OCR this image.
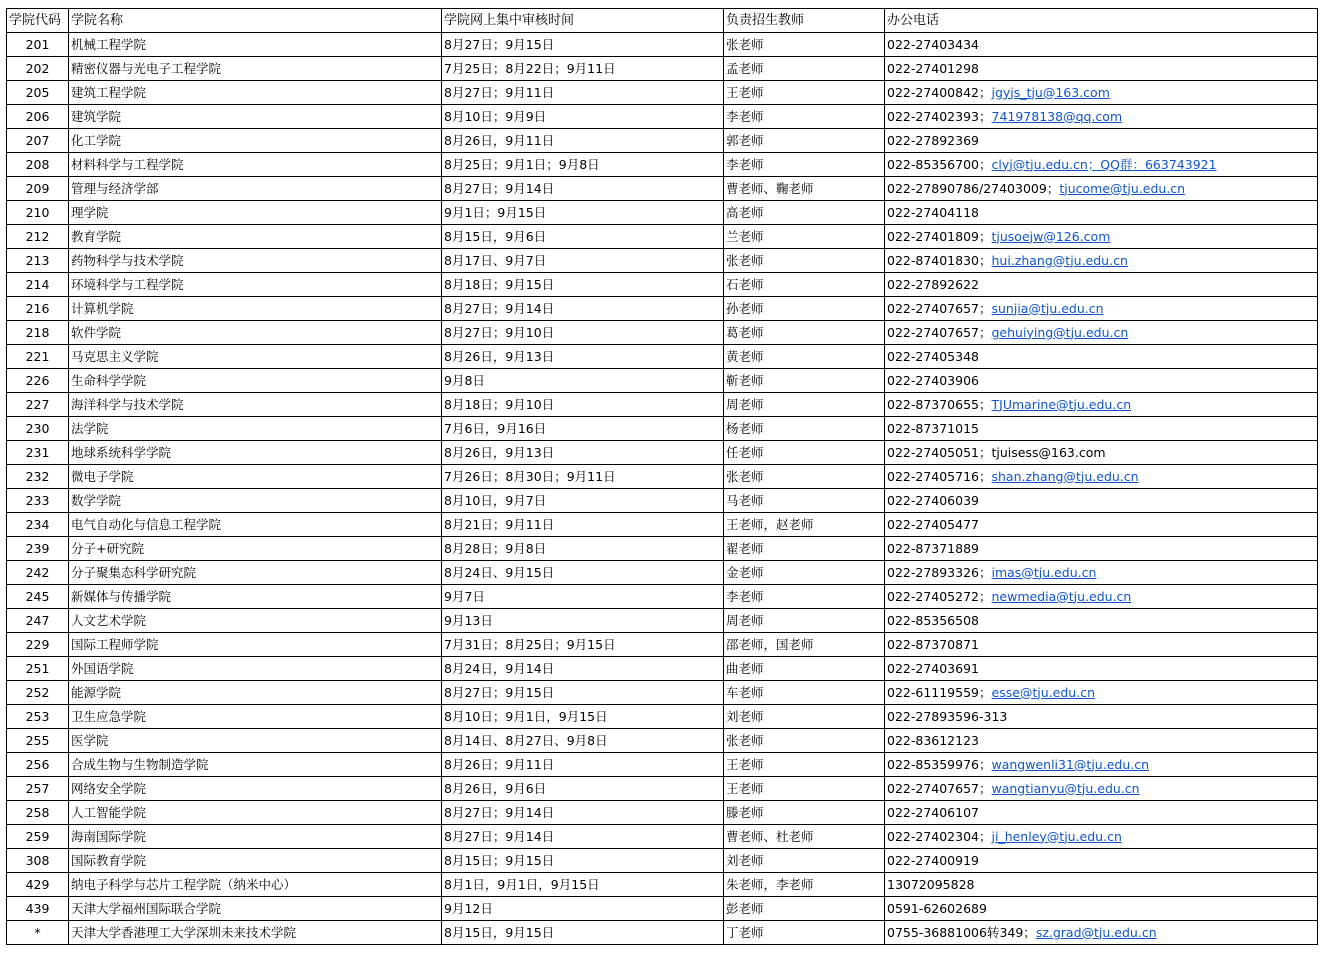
学院代码	学院名称	学院网上集中审核时间	负责招生教师	办公电话
201	机械工程学院	8月27日；9月15日	张老师	022-27403434
202	精密仪器与光电子工程学院	7月25日；8月22日；9月11日	孟老师	022-27401298
205	建筑工程学院	8月27日；9月11日	王老师	022-27400842；jgyjs_tju@163.com
206	建筑学院	8月10日；9月9日	李老师	022-27402393；741978138@qq.com
207	化工学院	8月26日，9月11日	郭老师	022-27892369
208	材料科学与工程学院	8月25日；9月1日；9月8日	李老师	022-85356700；clyj@tju.edu.cn；QQ群：663743921
209	管理与经济学部	8月27日；9月14日	曹老师、鞠老师	022-27890786/27403009；tjucome@tju.edu.cn
210	理学院	9月1日；9月15日	高老师	022-27404118
212	教育学院	8月15日，9月6日	兰老师	022-27401809；tjusoejw@126.com
213	药物科学与技术学院	8月17日、9月7日	张老师	022-87401830；hui.zhang@tju.edu.cn
214	环境科学与工程学院	8月18日；9月15日	石老师	022-27892622
216	计算机学院	8月27日；9月14日	孙老师	022-27407657；sunjia@tju.edu.cn
218	软件学院	8月27日；9月10日	葛老师	022-27407657；gehuiying@tju.edu.cn
221	马克思主义学院	8月26日，9月13日	黄老师	022-27405348
226	生命科学学院	9月8日	靳老师	022-27403906
227	海洋科学与技术学院	8月18日；9月10日	周老师	022-87370655；TJUmarine@tju.edu.cn
230	法学院	7月6日，9月16日	杨老师	022-87371015
231	地球系统科学学院	8月26日，9月13日	任老师	022-27405051；tjuisess@163.com
232	微电子学院	7月26日；8月30日；9月11日	张老师	022-27405716；shan.zhang@tju.edu.cn
233	数学学院	8月10日，9月7日	马老师	022-27406039
234	电气自动化与信息工程学院	8月21日；9月11日	王老师，赵老师	022-27405477
239	分子+研究院	8月28日；9月8日	翟老师	022-87371889
242	分子聚集态科学研究院	8月24日、9月15日	金老师	022-27893326；imas@tju.edu.cn
245	新媒体与传播学院	9月7日	李老师	022-27405272；newmedia@tju.edu.cn
247	人文艺术学院	9月13日	周老师	022-85356508
229	国际工程师学院	7月31日；8月25日；9月15日	邵老师，国老师	022-87370871
251	外国语学院	8月24日，9月14日	曲老师	022-27403691
252	能源学院	8月27日；9月15日	车老师	022-61119559；esse@tju.edu.cn
253	卫生应急学院	8月10日；9月1日，9月15日	刘老师	022-27893596-313
255	医学院	8月14日、8月27日、9月8日	张老师	022-83612123
256	合成生物与生物制造学院	8月26日；9月11日	王老师	022-85359976；wangwenli31@tju.edu.cn
257	网络安全学院	8月26日，9月6日	王老师	022-27407657；wangtianyu@tju.edu.cn
258	人工智能学院	8月27日；9月14日	滕老师	022-27406107
259	海南国际学院	8月27日；9月14日	曹老师、杜老师	022-27402304；ji_henley@tju.edu.cn
308	国际教育学院	8月15日；9月15日	刘老师	022-27400919
429	纳电子科学与芯片工程学院（纳米中心）	8月1日，9月1日，9月15日	朱老师，李老师	13072095828
439	天津大学福州国际联合学院	9月12日	彭老师	0591-62602689
*	天津大学香港理工大学深圳未来技术学院	8月15日，9月15日	丁老师	0755-36881006转349；sz.grad@tju.edu.cn
